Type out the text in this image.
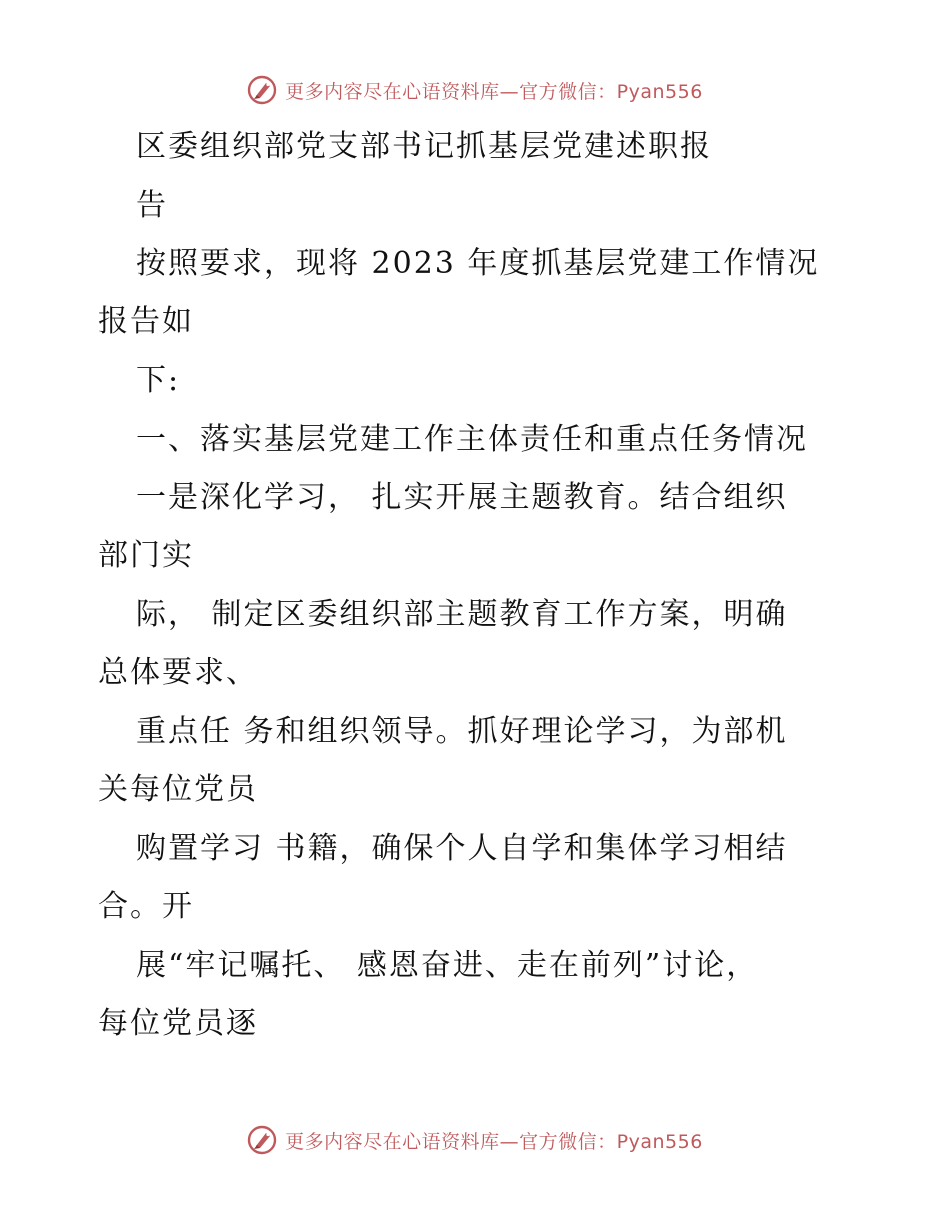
更多内容尽在心语资料库—官方微信：Pyan556
区委组织部党支部书记抓基层党建述职报
告
按照要求，现将 2023 年度抓基层党建工作情况
报告如
下:
一、落实基层党建工作主体责任和重点任务情况
一是深化学习， 扎实开展主题教育。结合组织
部门实
际， 制定区委组织部主题教育工作方案，明确
总体要求、
重点任 务和组织领导。抓好理论学习，为部机
关每位党员
购置学习 书籍，确保个人自学和集体学习相结
合。开
展“牢记嘱托、 感恩奋进、走在前列”讨论，
每位党员逐
更多内容尽在心语资料库—官方微信：Pyan556
